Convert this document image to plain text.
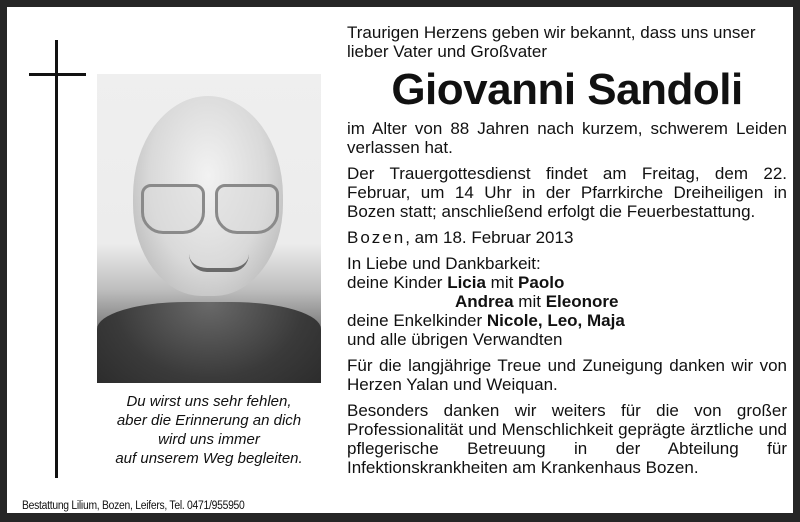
Du wirst uns sehr fehlen,
aber die Erinnerung an dich
wird uns immer
auf unserem Weg begleiten.
Bestattung Lilium, Bozen, Leifers, Tel. 0471/955950

Traurigen Herzens geben wir bekannt, dass uns unser
lieber Vater und Großvater

Giovanni Sandoli

im Alter von 88 Jahren nach kurzem, schwerem Leiden verlassen hat.

Der Trauergottesdienst findet am Freitag, dem 22. Februar, um 14 Uhr in der Pfarrkirche Dreiheiligen in Bozen statt; anschließend erfolgt die Feuerbestattung.

Bozen, am 18. Februar 2013

In Liebe und Dankbarkeit:
deine Kinder Licia mit Paolo
Andrea mit Eleonore
deine Enkelkinder Nicole, Leo, Maja
und alle übrigen Verwandten

Für die langjährige Treue und Zuneigung danken wir von Herzen Yalan und Weiquan.

Besonders danken wir weiters für die von großer Professionalität und Menschlichkeit geprägte ärztliche und pflegerische Betreuung in der Abteilung für Infektionskrankheiten am Krankenhaus Bozen.
